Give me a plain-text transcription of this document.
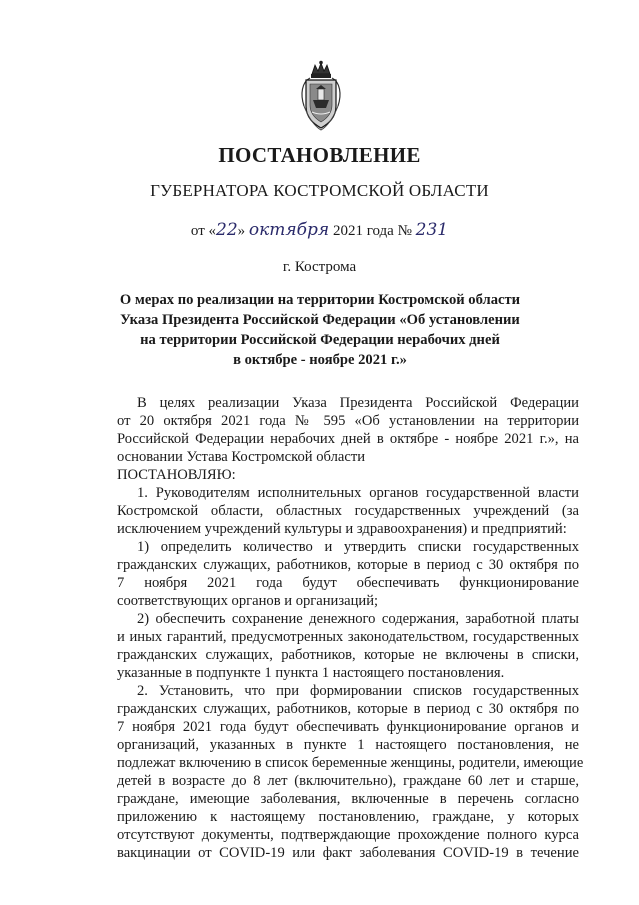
ПОСТАНОВЛЕНИЕ
ГУБЕРНАТОРА КОСТРОМСКОЙ ОБЛАСТИ
от «22» октября 2021 года № 231
г. Кострома
О мерах по реализации на территории Костромской области
Указа Президента Российской Федерации «Об установлении
на территории Российской Федерации нерабочих дней
в октябре - ноябре 2021 г.»
В целях реализации Указа Президента Российской Федерации
от 20 октября 2021 года № 595 «Об установлении на территории
Российской Федерации нерабочих дней в октябре - ноябре 2021 г.», на
основании Устава Костромской области
ПОСТАНОВЛЯЮ:
1. Руководителям исполнительных органов государственной власти
Костромской области, областных государственных учреждений (за
исключением учреждений культуры и здравоохранения) и предприятий:
1) определить количество и утвердить списки государственных
гражданских служащих, работников, которые в период с 30 октября по
7 ноября 2021 года будут обеспечивать функционирование
соответствующих органов и организаций;
2) обеспечить сохранение денежного содержания, заработной платы
и иных гарантий, предусмотренных законодательством, государственных
гражданских служащих, работников, которые не включены в списки,
указанные в подпункте 1 пункта 1 настоящего постановления.
2. Установить, что при формировании списков государственных
гражданских служащих, работников, которые в период с 30 октября по
7 ноября 2021 года будут обеспечивать функционирование органов и
организаций, указанных в пункте 1 настоящего постановления, не
подлежат включению в список беременные женщины, родители, имеющие
детей в возрасте до 8 лет (включительно), граждане 60 лет и старше,
граждане, имеющие заболевания, включенные в перечень согласно
приложению к настоящему постановлению, граждане, у которых
отсутствуют документы, подтверждающие прохождение полного курса
вакцинации от COVID-19 или факт заболевания COVID-19 в течение
